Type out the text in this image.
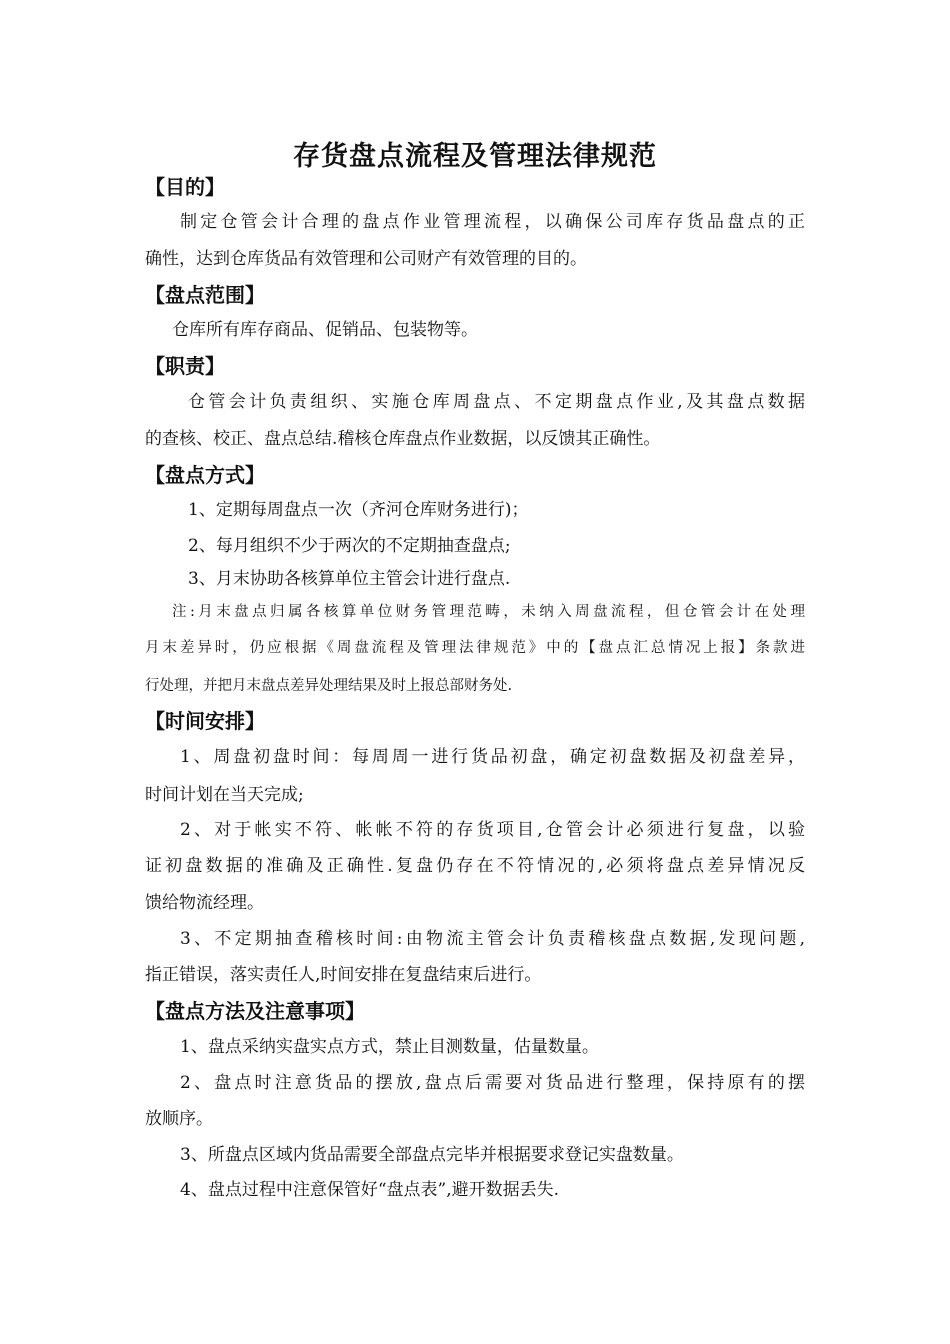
存货盘点流程及管理法律规范
【目的】
制定仓管会计合理的盘点作业管理流程，以确保公司库存货品盘点的正
确性，达到仓库货品有效管理和公司财产有效管理的目的。
【盘点范围】
仓库所有库存商品、促销品、包装物等。
【职责】
仓管会计负责组织、实施仓库周盘点、不定期盘点作业,及其盘点数据
的查核、校正、盘点总结.稽核仓库盘点作业数据，以反馈其正确性。
【盘点方式】
1、定期每周盘点一次（齐河仓库财务进行)；
2、每月组织不少于两次的不定期抽查盘点;
3、月末协助各核算单位主管会计进行盘点.
注:月末盘点归属各核算单位财务管理范畴，未纳入周盘流程，但仓管会计在处理
月末差异时，仍应根据《周盘流程及管理法律规范》中的【盘点汇总情况上报】条款进
行处理，并把月末盘点差异处理结果及时上报总部财务处.
【时间安排】
1、周盘初盘时间：每周周一进行货品初盘，确定初盘数据及初盘差异，
时间计划在当天完成;
2、对于帐实不符、帐帐不符的存货项目,仓管会计必须进行复盘，以验
证初盘数据的准确及正确性.复盘仍存在不符情况的,必须将盘点差异情况反
馈给物流经理。
3、不定期抽查稽核时间:由物流主管会计负责稽核盘点数据,发现问题,
指正错误，落实责任人,时间安排在复盘结束后进行。
【盘点方法及注意事项】
1、盘点采纳实盘实点方式，禁止目测数量，估量数量。
2、盘点时注意货品的摆放,盘点后需要对货品进行整理，保持原有的摆
放顺序。
3、所盘点区域内货品需要全部盘点完毕并根据要求登记实盘数量。
4、盘点过程中注意保管好“盘点表”,避开数据丢失.
